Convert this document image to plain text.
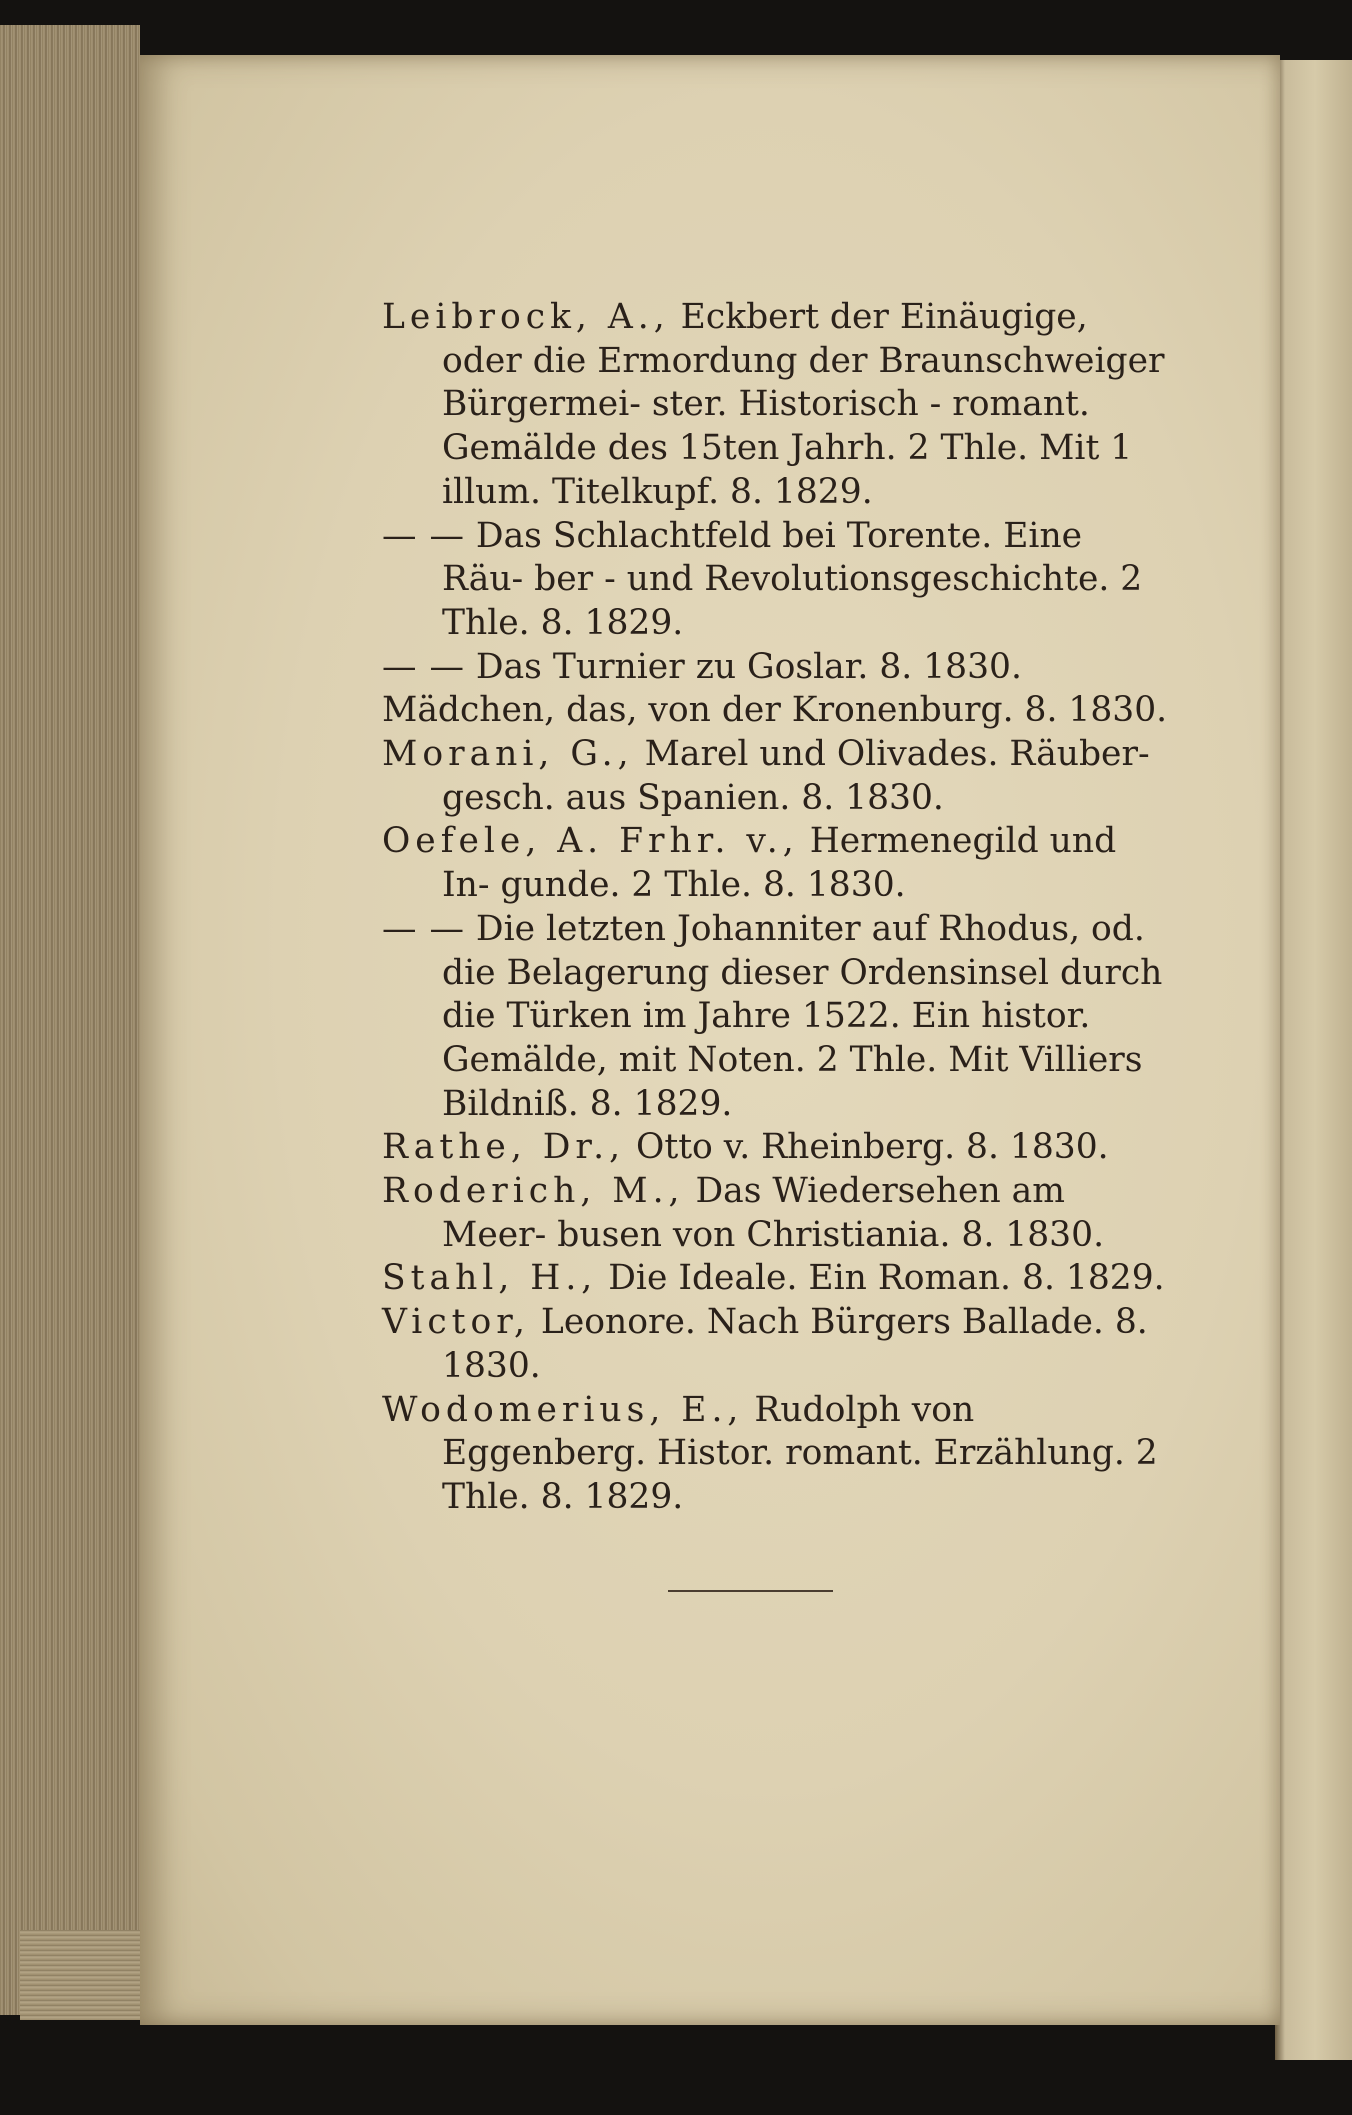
Leibrock, A., Eckbert der Einäugige, oder die Ermordung der Braunschweiger Bürgermei- ster. Historisch - romant. Gemälde des 15ten Jahrh. 2 Thle. Mit 1 illum. Titelkupf. 8. 1829.
— — Das Schlachtfeld bei Torente. Eine Räu- ber - und Revolutionsgeschichte. 2 Thle. 8. 1829.
— — Das Turnier zu Goslar. 8. 1830.
Mädchen, das, von der Kronenburg. 8. 1830.
Morani, G., Marel und Olivades. Räuber- gesch. aus Spanien. 8. 1830.
Oefele, A. Frhr. v., Hermenegild und In- gunde. 2 Thle. 8. 1830.
— — Die letzten Johanniter auf Rhodus, od. die Belagerung dieser Ordensinsel durch die Türken im Jahre 1522. Ein histor. Gemälde, mit Noten. 2 Thle. Mit Villiers Bildniß. 8. 1829.
Rathe, Dr., Otto v. Rheinberg. 8. 1830.
Roderich, M., Das Wiedersehen am Meer- busen von Christiania. 8. 1830.
Stahl, H., Die Ideale. Ein Roman. 8. 1829.
Victor, Leonore. Nach Bürgers Ballade. 8. 1830.
Wodomerius, E., Rudolph von Eggenberg. Histor. romant. Erzählung. 2 Thle. 8. 1829.
